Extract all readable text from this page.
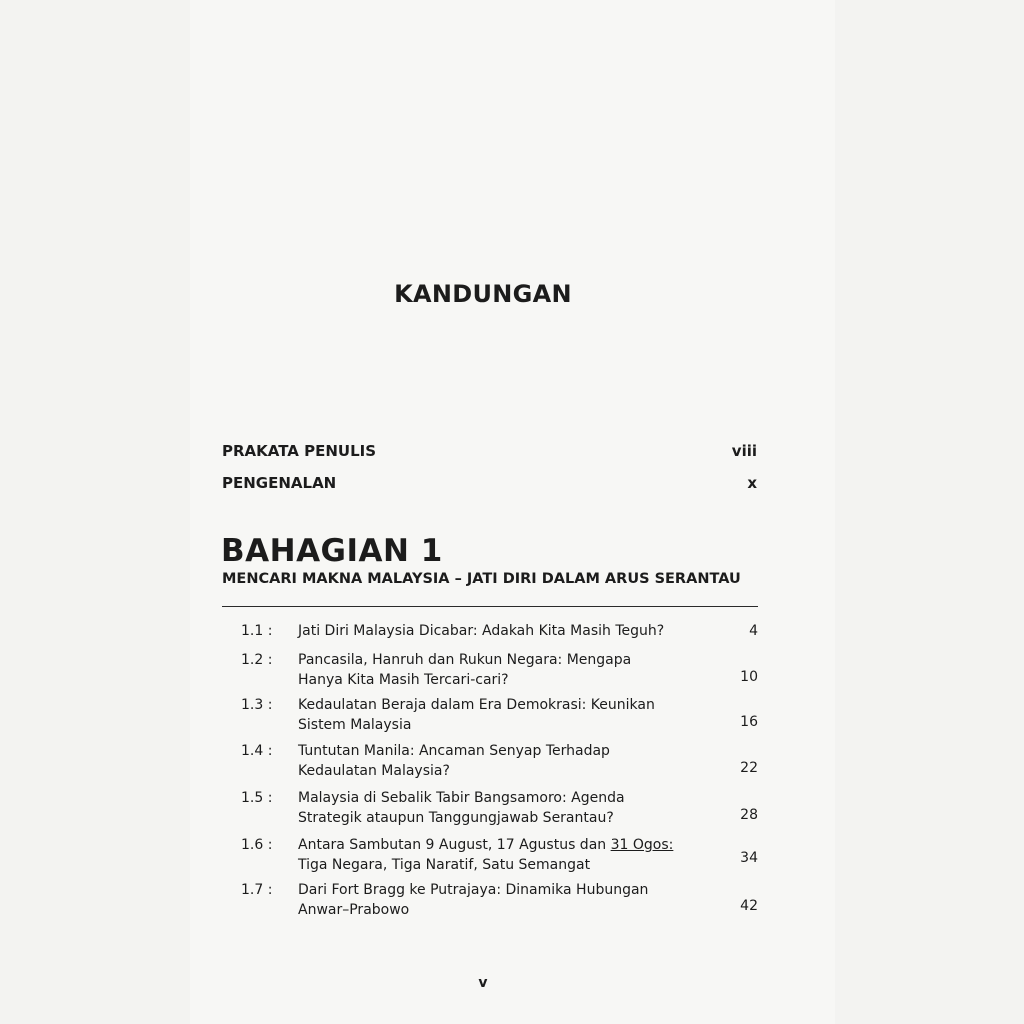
KANDUNGAN
PRAKATA PENULIS	viii
PENGENALAN	x
BAHAGIAN 1
MENCARI MAKNA MALAYSIA – JATI DIRI DALAM ARUS SERANTAU
1.1 :	Jati Diri Malaysia Dicabar: Adakah Kita Masih Teguh?	4
1.2 :	Pancasila, Hanruh dan Rukun Negara: Mengapa
Hanya Kita Masih Tercari-cari?	10
1.3 :	Kedaulatan Beraja dalam Era Demokrasi: Keunikan
Sistem Malaysia	16
1.4 :	Tuntutan Manila: Ancaman Senyap Terhadap
Kedaulatan Malaysia?	22
1.5 :	Malaysia di Sebalik Tabir Bangsamoro: Agenda
Strategik ataupun Tanggungjawab Serantau?	28
1.6 :	Antara Sambutan 9 August, 17 Agustus dan 31 Ogos:
Tiga Negara, Tiga Naratif, Satu Semangat	34
1.7 :	Dari Fort Bragg ke Putrajaya: Dinamika Hubungan
Anwar–Prabowo	42
v
